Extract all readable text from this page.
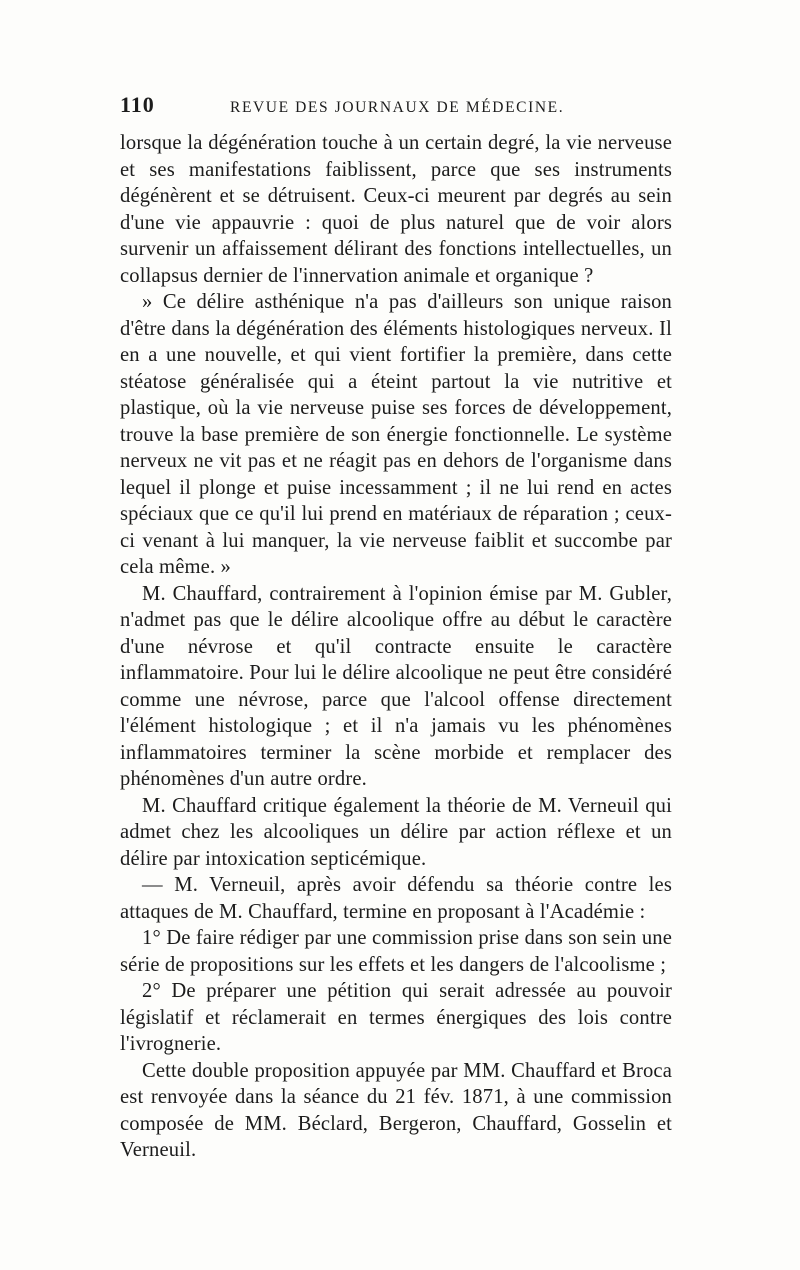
110	REVUE DES JOURNAUX DE MÉDECINE.

lorsque la dégénération touche à un certain degré, la vie nerveuse et ses manifestations faiblissent, parce que ses instruments dégénèrent et se détruisent. Ceux-ci meurent par degrés au sein d'une vie appauvrie : quoi de plus naturel que de voir alors survenir un affaissement délirant des fonctions intellectuelles, un collapsus dernier de l'innervation animale et organique ?

» Ce délire asthénique n'a pas d'ailleurs son unique raison d'être dans la dégénération des éléments histologiques nerveux. Il en a une nouvelle, et qui vient fortifier la première, dans cette stéatose généralisée qui a éteint partout la vie nutritive et plastique, où la vie nerveuse puise ses forces de développement, trouve la base première de son énergie fonctionnelle. Le système nerveux ne vit pas et ne réagit pas en dehors de l'organisme dans lequel il plonge et puise incessamment ; il ne lui rend en actes spéciaux que ce qu'il lui prend en matériaux de réparation ; ceux-ci venant à lui manquer, la vie nerveuse faiblit et succombe par cela même. »

M. Chauffard, contrairement à l'opinion émise par M. Gubler, n'admet pas que le délire alcoolique offre au début le caractère d'une névrose et qu'il contracte ensuite le caractère inflammatoire. Pour lui le délire alcoolique ne peut être considéré comme une névrose, parce que l'alcool offense directement l'élément histologique ; et il n'a jamais vu les phénomènes inflammatoires terminer la scène morbide et remplacer des phénomènes d'un autre ordre.

M. Chauffard critique également la théorie de M. Verneuil qui admet chez les alcooliques un délire par action réflexe et un délire par intoxication septicémique.

— M. Verneuil, après avoir défendu sa théorie contre les attaques de M. Chauffard, termine en proposant à l'Académie :

1° De faire rédiger par une commission prise dans son sein une série de propositions sur les effets et les dangers de l'alcoolisme ;

2° De préparer une pétition qui serait adressée au pouvoir législatif et réclamerait en termes énergiques des lois contre l'ivrognerie.

Cette double proposition appuyée par MM. Chauffard et Broca est renvoyée dans la séance du 21 fév. 1871, à une commission composée de MM. Béclard, Bergeron, Chauffard, Gosselin et Verneuil.
